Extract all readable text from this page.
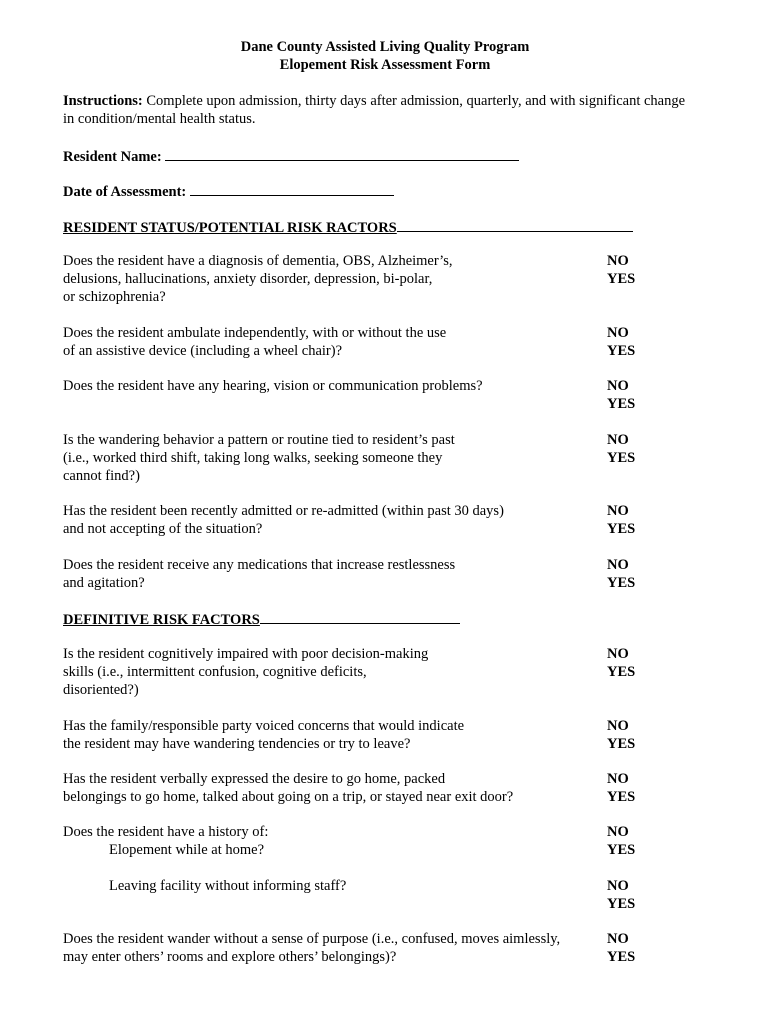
Dane County Assisted Living Quality Program
Elopement Risk Assessment Form
Instructions: Complete upon admission, thirty days after admission, quarterly, and with significant change
in condition/mental health status.
Resident Name:
Date of Assessment:
RESIDENT STATUS/POTENTIAL RISK RACTORS
Does the resident have a diagnosis of dementia, OBS, Alzheimer’s,
delusions, hallucinations, anxiety disorder, depression, bi-polar,
or schizophrenia?
NO
YES
Does the resident ambulate independently, with or without the use
of an assistive device (including a wheel chair)?
NO
YES
Does the resident have any hearing, vision or communication problems?	NO
YES
Is the wandering behavior a pattern or routine tied to resident’s past
(i.e., worked third shift, taking long walks, seeking someone they
cannot find?)
NO
YES
Has the resident been recently admitted or re-admitted (within past 30 days)
and not accepting of the situation?
NO
YES
Does the resident receive any medications that increase restlessness
and agitation?
NO
YES
DEFINITIVE RISK FACTORS
Is the resident cognitively impaired with poor decision-making
skills (i.e., intermittent confusion, cognitive deficits,
disoriented?)
NO
YES
Has the family/responsible party voiced concerns that would indicate
the resident may have wandering tendencies or try to leave?
NO
YES
Has the resident verbally expressed the desire to go home, packed
belongings to go home, talked about going on a trip, or stayed near exit door?
NO
YES
Does the resident have a history of:
Elopement while at home?
NO
YES
Leaving facility without informing staff?	NO
YES
Does the resident wander without a sense of purpose (i.e., confused, moves aimlessly,
may enter others’ rooms and explore others’ belongings)?
NO
YES
